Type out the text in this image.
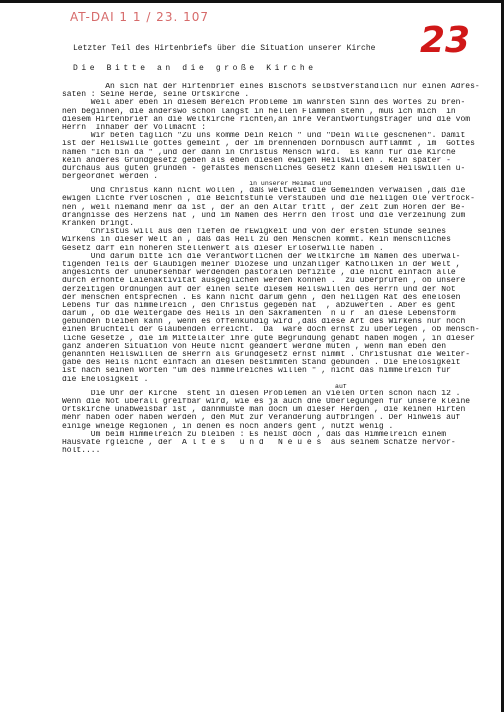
AT-DAI 1 1 / 23. 107
23
Letzter Teil des Hirtenbriefs über die Situation unserer Kirche
Die Bitte an die große Kirche
An sich hat der Hirtenbrief eines Bischofs selbstverständlich nur einen Adres-
saten : Seine Herde, seine Ortskirche .
Weil aber eben in diesem Bereich Probleme im wahrsten Sinn des Wortes zu bren-
nen beginnen, die anderswo schon längst in hellen Flammen stehn , muß ich mich  in
diesem Hirtenbrief an die Weltkirche richten,an ihre Verantwortungsträger und die vom
Herrn  Inhaber der Vollmacht :
Wir beten täglich "Zu uns komme Dein Reich " und "Dein Wille geschehen". Damit
ist der Heilswille gottes gemeint , der im brennenden Dornbusch aufflammt , im  Gottes
namen "Ich bin da " ,und der dann in Christus Mensch wird.  Es kann für die Kirche
kein anderes Grundgesetz geben als eben diesen ewigen Heilswillen . Kein später -
durchaus aus guten gründen - gefaßtes menschliches Gesetz kann diesem Heilswillen ü-
bergeordnet werden .
in unserer Heimat und
Und Christus kann nicht wollen , daß weltweit die Gemeinden verwaisen ,daß die
ewigen Lichte rverlöschen , die Beichtstühle verstauben und die heiligen Öle vertrock-
nen , weil niemand mehr da ist , der an den Altar tritt , der Zeit zum Hören der Be-
drängnisse des Herzens hat , und im Namen des Herrn den Trost und die Verzeihung zum
Kranken bringt.
Christus will aus den Tiefen de rEwigkeit und von der ersten Stunde seines
Wirkens in dieser Welt an , daß das Heil zu den Menschen kommt. Kein menschliches
Gesetz darf ein höheren Stellenwert als dieser Erlöserwille haben .
Und darum bitte ich die Verantwortlichen der Weltkirche im Namen des überwäl-
tigenden Teils der Gläubigen meiner Diözese und unzähliger Katholiken in der Welt ,
angesichts der unübersehbar werdenden pastoralen Defizite , die nicht einfach alle
durch erhöhte Laienaktivität ausgeglichen werden können .  zu überprüfen , ob unsere
derzeitigen Ordnungen auf der einen seite diesem Heilswillen des Herrn und der Not
der menschen entsprechen . Es kann nicht darum gehn , den heiligen Rat des ehelosen
Lebens für das himmelreich , den Christus gegeben hat  , abzuwerten . Aber es geht
darum , ob die Weitergabe des Heils in den Sakramenten  n u r  an diese Lebensform
gebunden bleiben kann , wenn es offenkundig wird ,daß diese Art des Wirkens nur noch
einen Bruchteil der Glaubenden erreicht.  Da  wäre doch ernst zu überlegen , ob mensch-
liche Gesetze , die im Mittelalter ihre gute Begründung gehabt haben mögen , in dieser
ganz anderen Situation von Heute nicht geändert werdne müten , wenn man eben den
genannten Heilswillen de sHerrn als Grundgesetz ernst nimmt . Christushat die Weiter-
gabe des Heils nicht einfach an diesen bestimmten Stand gebunden . Die Ehelosigkeit
ist nach seinen Worten "um des himmelreiches willen " , nicht das himmelreich für
die Ehelosigkeit .
auf
Die Uhr der Kirche  steht in diesen Problemen an vielen Orten schon nach 12 .
Wenn die Not überall greifbar wird, wie es ja auch dne Überlegungen für unsere kleine
Ortskirche unabweisbar ist , dannmüßte man doch um dieser Herden , die keinen Hirten
mehr haben oder haben werden , den Mut zur Veränderung aufbringen . Der Hinweis auf
einige wneige Regionen , in denen es noch anders geht , nützt wenig .
Um beim Himmelreich zu bleiben : Es heißt doch , daß das Himmelreich einem
Hausvate rgleiche , der  A l t e s   u n d   N e u e s  aus seinem Schatze hervor-
holt....
